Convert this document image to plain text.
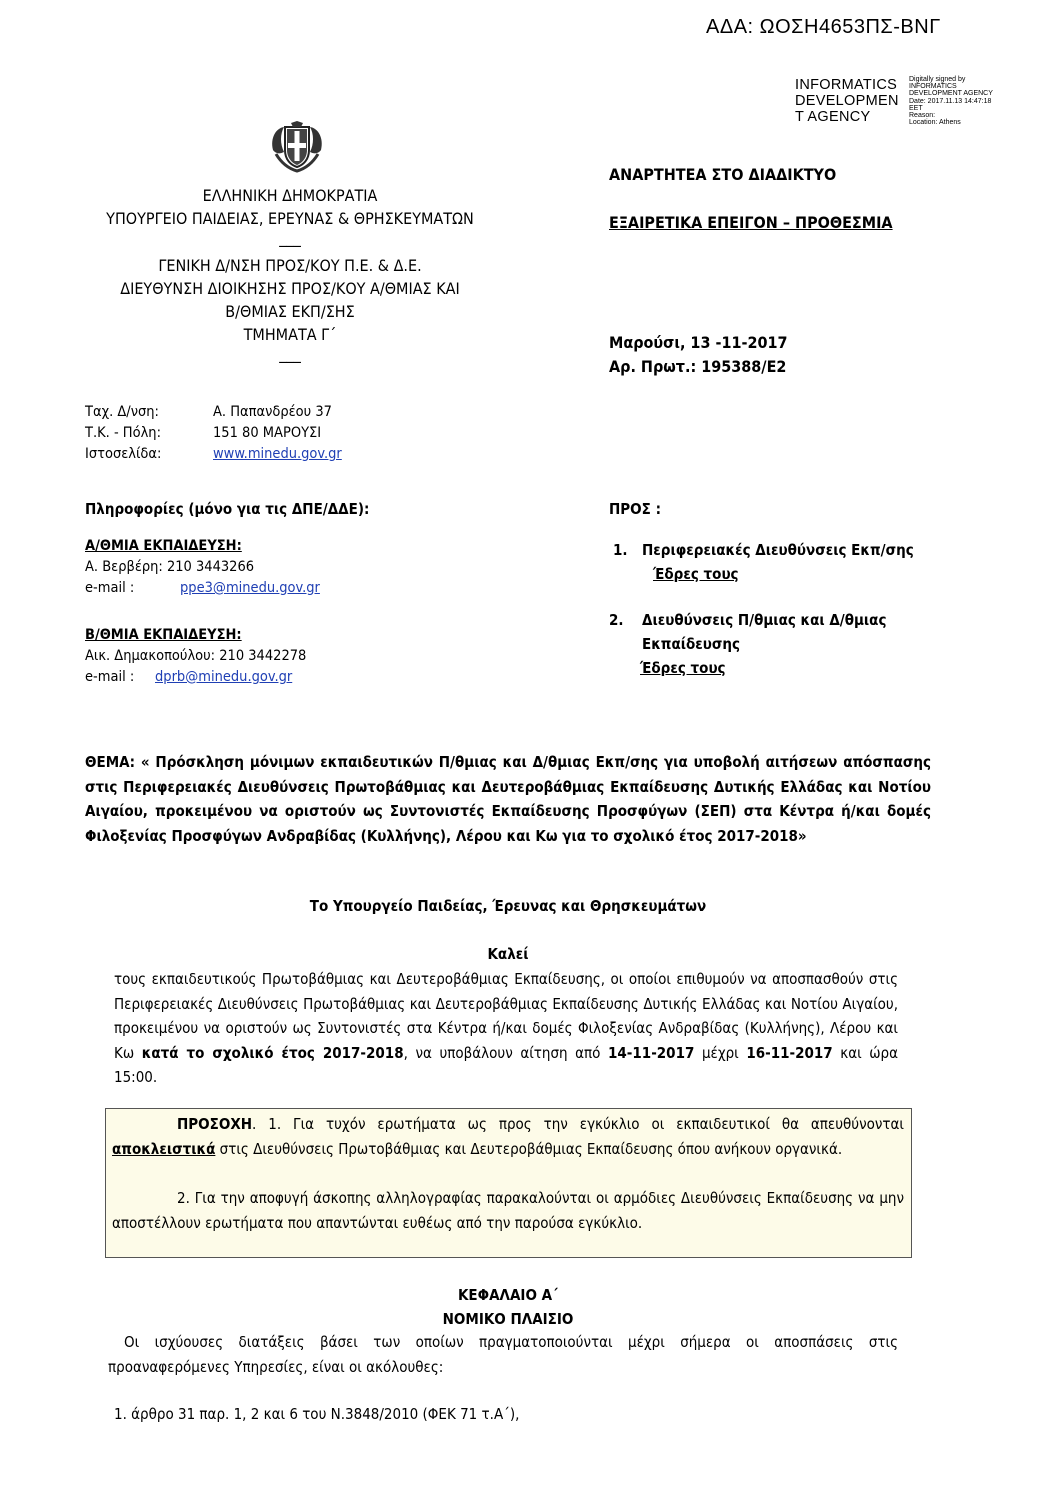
ΑΔΑ: ΩΟΣΗ4653ΠΣ-ΒΝΓ
INFORMATICS
DEVELOPMEN
T AGENCY
Digitally signed by
INFORMATICS
DEVELOPMENT AGENCY
Date: 2017.11.13 14:47:18
EET
Reason:
Location: Athens
ΕΛΛΗΝΙΚΗ ΔΗΜΟΚΡΑΤΙΑ
ΥΠΟΥΡΓΕΙΟ ΠΑΙΔΕΙΑΣ, ΕΡΕΥΝΑΣ & ΘΡΗΣΚΕΥΜΑΤΩΝ
___
ΓΕΝΙΚΗ Δ/ΝΣΗ ΠΡΟΣ/ΚΟΥ Π.Ε. & Δ.Ε.
ΔΙΕΥΘΥΝΣΗ ΔΙΟΙΚΗΣΗΣ ΠΡΟΣ/ΚΟΥ Α/ΘΜΙΑΣ ΚΑΙ
Β/ΘΜΙΑΣ ΕΚΠ/ΣΗΣ
ΤΜΗΜΑΤΑ Γ΄
___
ΑΝΑΡΤΗΤΕΑ ΣΤΟ ΔΙΑΔΙΚΤΥΟ
ΕΞΑΙΡΕΤΙΚΑ ΕΠΕΙΓΟΝ – ΠΡΟΘΕΣΜΙΑ
Μαρούσι, 13 -11-2017
Αρ. Πρωτ.: 195388/Ε2
Ταχ. Δ/νση:	Α. Παπανδρέου 37
Τ.Κ. - Πόλη:	151 80 ΜΑΡΟΥΣΙ
Ιστοσελίδα:	www.minedu.gov.gr
Πληροφορίες (μόνο για τις ΔΠΕ/ΔΔΕ):
Α/ΘΜΙΑ ΕΚΠΑΙΔΕΥΣΗ:
Α. Βερβέρη: 210 3443266
e-mail :	ppe3@minedu.gov.gr
Β/ΘΜΙΑ ΕΚΠΑΙΔΕΥΣΗ:
Αικ. Δημακοπούλου: 210 3442278
e-mail : dprb@minedu.gov.gr
ΠΡΟΣ :
1. Περιφερειακές Διευθύνσεις Εκπ/σης
Έδρες τους
2. Διευθύνσεις Π/θμιας και Δ/θμιας
Εκπαίδευσης
Έδρες τους
ΘΕΜΑ: « Πρόσκληση μόνιμων εκπαιδευτικών Π/θμιας και Δ/θμιας Εκπ/σης για υποβολή αιτήσεων απόσπασης στις Περιφερειακές Διευθύνσεις Πρωτοβάθμιας και Δευτεροβάθμιας Εκπαίδευσης Δυτικής Ελλάδας και Νοτίου Αιγαίου, προκειμένου να οριστούν ως Συντονιστές Εκπαίδευσης Προσφύγων (ΣΕΠ) στα Κέντρα ή/και δομές Φιλοξενίας Προσφύγων Ανδραβίδας (Κυλλήνης), Λέρου και Κω για το σχολικό έτος 2017-2018»
Το Υπουργείο Παιδείας, Έρευνας και Θρησκευμάτων
Καλεί
τους εκπαιδευτικούς Πρωτοβάθμιας και Δευτεροβάθμιας Εκπαίδευσης, οι οποίοι επιθυμούν να αποσπασθούν στις Περιφερειακές Διευθύνσεις Πρωτοβάθμιας και Δευτεροβάθμιας Εκπαίδευσης Δυτικής Ελλάδας και Νοτίου Αιγαίου, προκειμένου να οριστούν ως Συντονιστές στα Κέντρα ή/και δομές Φιλοξενίας Ανδραβίδας (Κυλλήνης), Λέρου και Κω κατά το σχολικό έτος 2017-2018, να υποβάλουν αίτηση από 14-11-2017 μέχρι 16-11-2017 και ώρα 15:00.
ΠΡΟΣΟΧΗ. 1. Για τυχόν ερωτήματα ως προς την εγκύκλιο οι εκπαιδευτικοί θα απευθύνονται αποκλειστικά στις Διευθύνσεις Πρωτοβάθμιας και Δευτεροβάθμιας Εκπαίδευσης όπου ανήκουν οργανικά.
2. Για την αποφυγή άσκοπης αλληλογραφίας παρακαλούνται οι αρμόδιες Διευθύνσεις Εκπαίδευσης να μην αποστέλλουν ερωτήματα που απαντώνται ευθέως από την παρούσα εγκύκλιο.
ΚΕΦΑΛΑΙΟ Α΄
ΝΟΜΙΚΟ ΠΛΑΙΣΙΟ
Οι ισχύουσες διατάξεις βάσει των οποίων πραγματοποιούνται μέχρι σήμερα οι αποσπάσεις στις προαναφερόμενες Υπηρεσίες, είναι οι ακόλουθες:
1. άρθρο 31 παρ. 1, 2 και 6 του Ν.3848/2010 (ΦΕΚ 71 τ.Α΄),
